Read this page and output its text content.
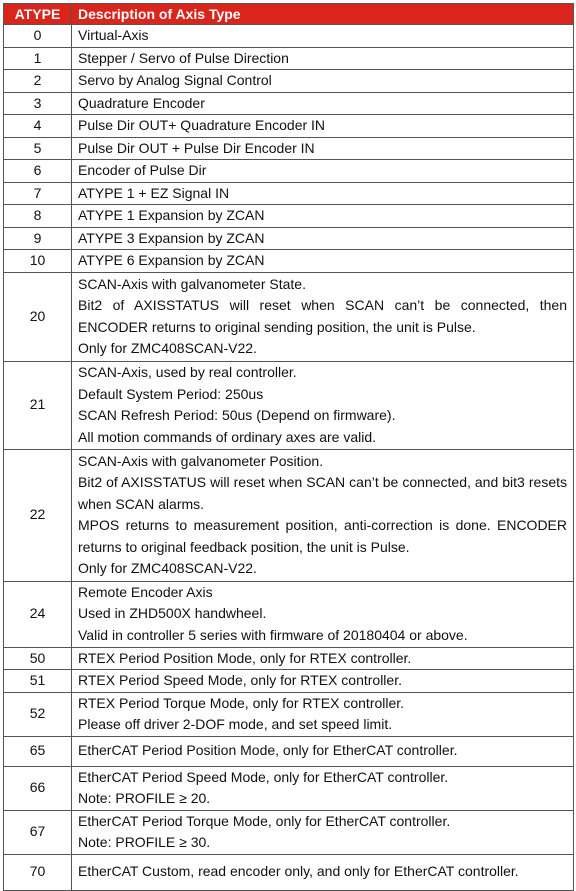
ATYPE	Description of Axis Type
0	Virtual-Axis

1	Stepper / Servo of Pulse Direction

2	Servo by Analog Signal Control

3	Quadrature Encoder

4	Pulse Dir OUT+ Quadrature Encoder IN

5	Pulse Dir OUT + Pulse Dir Encoder IN

6	Encoder of Pulse Dir

7	ATYPE 1 + EZ Signal IN

8	ATYPE 1 Expansion by ZCAN

9	ATYPE 3 Expansion by ZCAN

10	ATYPE 6 Expansion by ZCAN

20	SCAN-Axis with galvanometer State.
Bit2 of AXISSTATUS will reset when SCAN can’t be connected, then ENCODER returns to original sending position, the unit is Pulse.
Only for ZMC408SCAN-V22.

21	SCAN-Axis, used by real controller.
Default System Period: 250us
SCAN Refresh Period: 50us (Depend on firmware).
All motion commands of ordinary axes are valid.

22	SCAN-Axis with galvanometer Position.
Bit2 of AXISSTATUS will reset when SCAN can’t be connected, and bit3 resets when SCAN alarms.
MPOS returns to measurement position, anti-correction is done. ENCODER returns to original feedback position, the unit is Pulse.
Only for ZMC408SCAN-V22.

24	Remote Encoder Axis
Used in ZHD500X handwheel.
Valid in controller 5 series with firmware of 20180404 or above.

50	RTEX Period Position Mode, only for RTEX controller.

51	RTEX Period Speed Mode, only for RTEX controller.

52	RTEX Period Torque Mode, only for RTEX controller.
Please off driver 2-DOF mode, and set speed limit.

65	EtherCAT Period Position Mode, only for EtherCAT controller.

66	EtherCAT Period Speed Mode, only for EtherCAT controller.
Note: PROFILE ≥ 20.

67	EtherCAT Period Torque Mode, only for EtherCAT controller.
Note: PROFILE ≥ 30.

70	EtherCAT Custom, read encoder only, and only for EtherCAT controller.
